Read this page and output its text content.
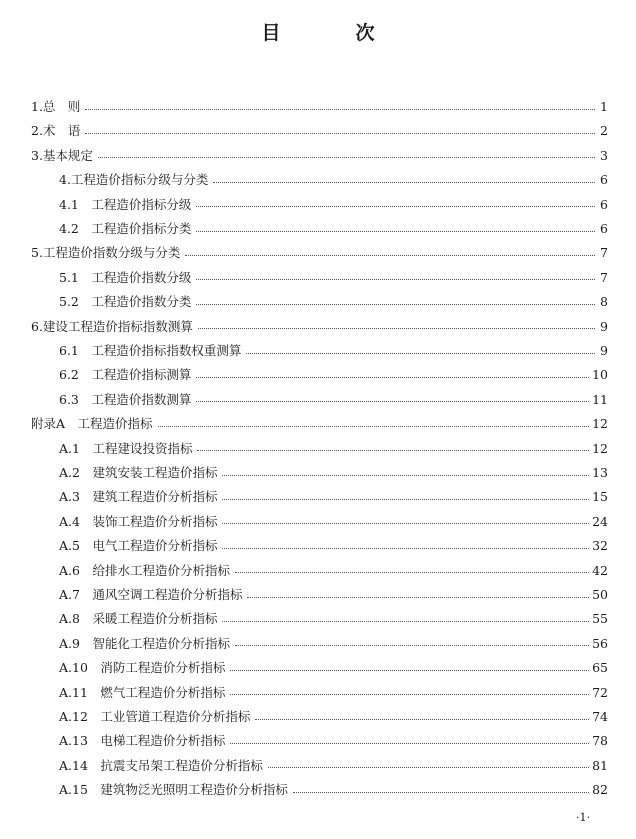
目　次
1.总　则	1
2.术　语	2
3.基本规定	3
4.工程造价指标分级与分类	6
4.1　工程造价指标分级	6
4.2　工程造价指标分类	6
5.工程造价指数分级与分类	7
5.1　工程造价指数分级	7
5.2　工程造价指数分类	8
6.建设工程造价指标指数测算	9
6.1　工程造价指标指数权重测算	9
6.2　工程造价指标测算	10
6.3　工程造价指数测算	11
附录A　工程造价指标	12
A.1　工程建设投资指标	12
A.2　建筑安装工程造价指标	13
A.3　建筑工程造价分析指标	15
A.4　装饰工程造价分析指标	24
A.5　电气工程造价分析指标	32
A.6　给排水工程造价分析指标	42
A.7　通风空调工程造价分析指标	50
A.8　采暖工程造价分析指标	55
A.9　智能化工程造价分析指标	56
A.10　消防工程造价分析指标	65
A.11　燃气工程造价分析指标	72
A.12　工业管道工程造价分析指标	74
A.13　电梯工程造价分析指标	78
A.14　抗震支吊架工程造价分析指标	81
A.15　建筑物泛光照明工程造价分析指标	82
·1·
